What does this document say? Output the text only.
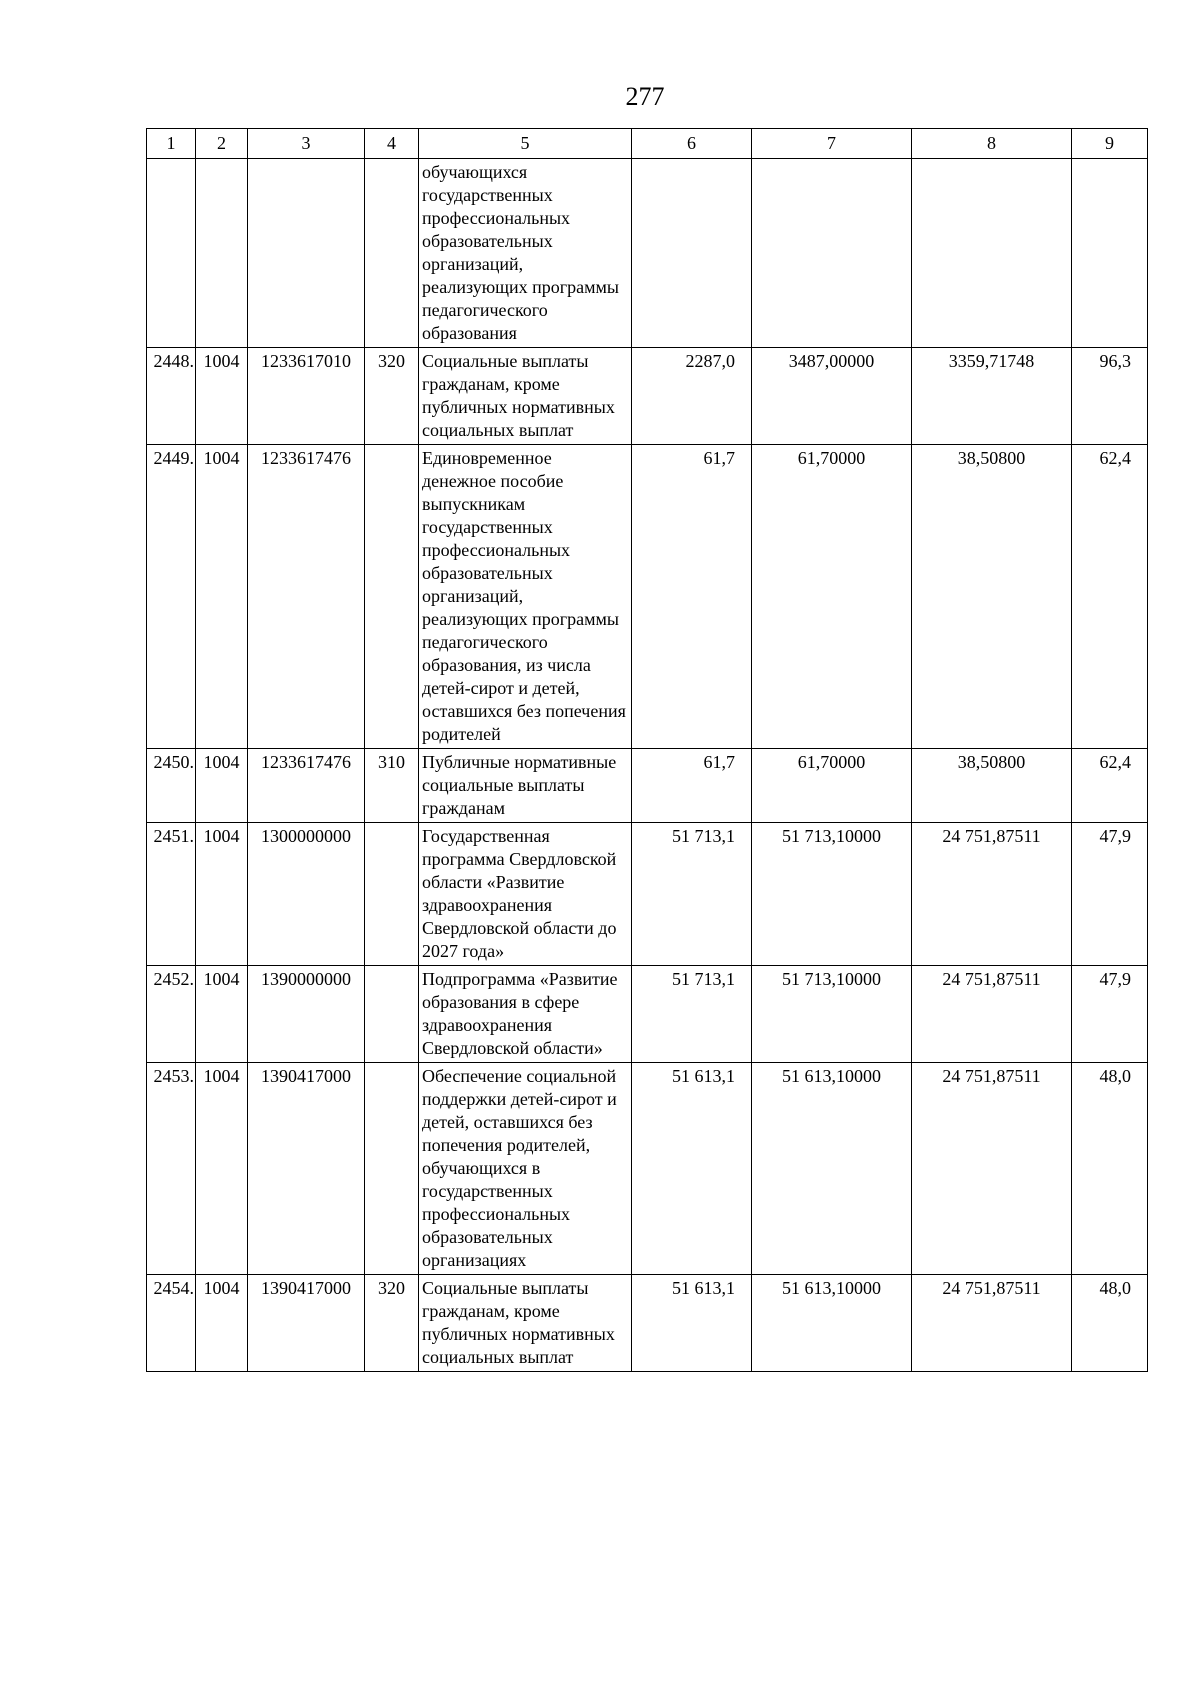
277
1	2	3	4	5	6	7	8	9
				обучающихся государственных профессиональных образовательных организаций, реализующих программы педагогического образования				
2448.	1004	1233617010	320	Социальные выплаты гражданам, кроме публичных нормативных социальных выплат	2287,0	3487,00000	3359,71748	96,3
2449.	1004	1233617476		Единовременное денежное пособие выпускникам государственных профессиональных образовательных организаций, реализующих программы педагогического образования, из числа детей-сирот и детей, оставшихся без попечения родителей	61,7	61,70000	38,50800	62,4
2450.	1004	1233617476	310	Публичные нормативные социальные выплаты гражданам	61,7	61,70000	38,50800	62,4
2451.	1004	1300000000		Государственная программа Свердловской области «Развитие здравоохранения Свердловской области до 2027 года»	51 713,1	51 713,10000	24 751,87511	47,9
2452.	1004	1390000000		Подпрограмма «Развитие образования в сфере здравоохранения Свердловской области»	51 713,1	51 713,10000	24 751,87511	47,9
2453.	1004	1390417000		Обеспечение социальной поддержки детей-сирот и детей, оставшихся без попечения родителей, обучающихся в государственных профессиональных образовательных организациях	51 613,1	51 613,10000	24 751,87511	48,0
2454.	1004	1390417000	320	Социальные выплаты гражданам, кроме публичных нормативных социальных выплат	51 613,1	51 613,10000	24 751,87511	48,0
